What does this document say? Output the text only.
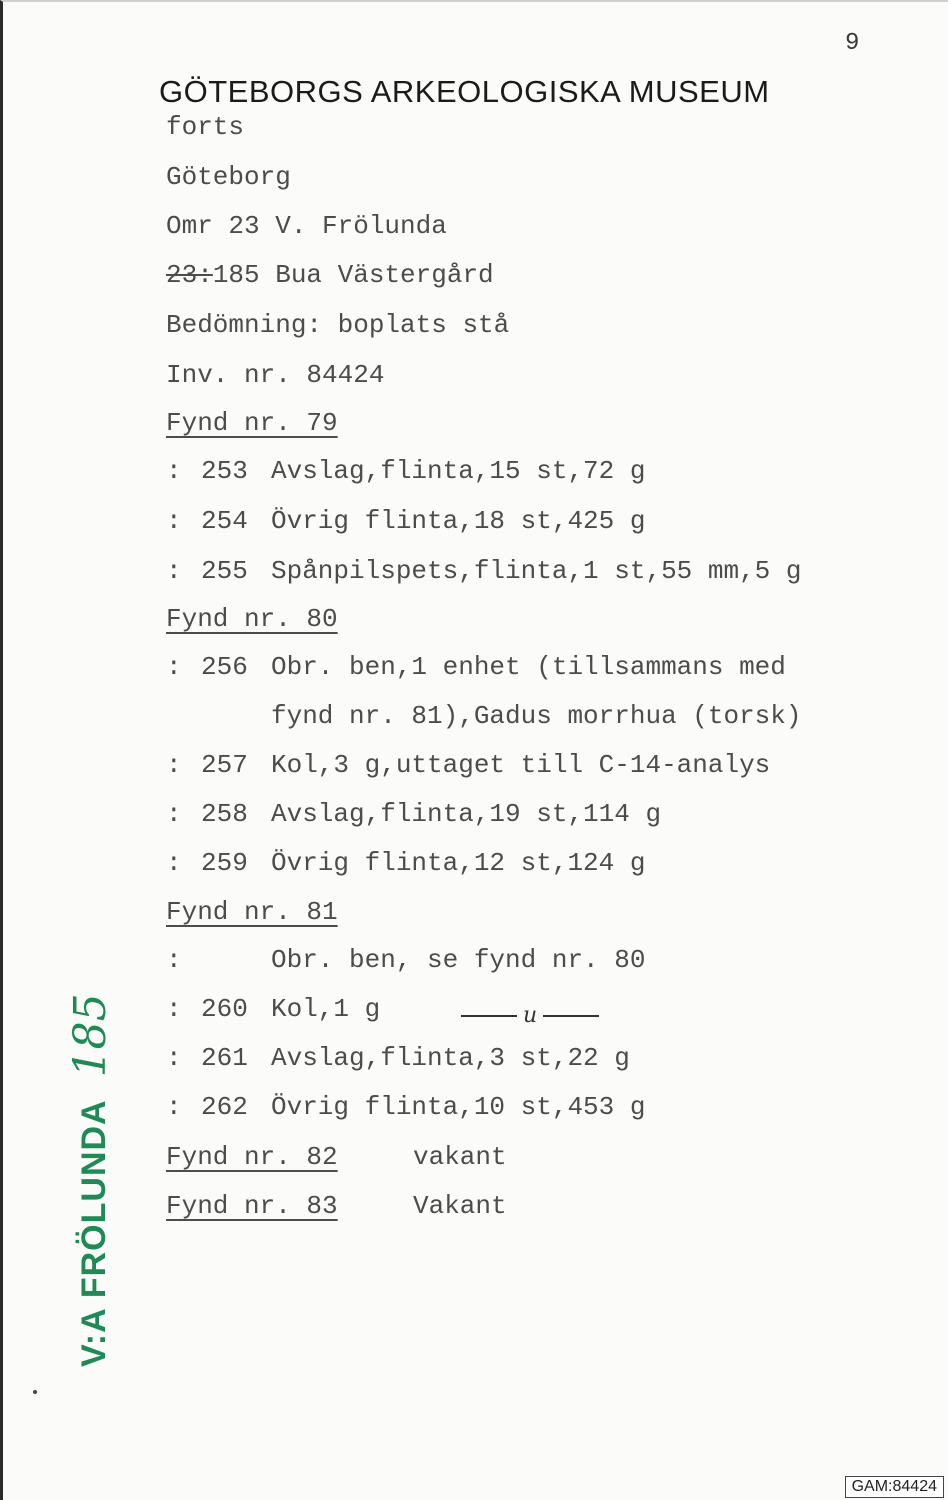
9
GÖTEBORGS ARKEOLOGISKA MUSEUM
forts
Göteborg
Omr 23 V. Frölunda
23:185 Bua Västergård
Bedömning: boplats stå
Inv. nr. 84424
Fynd nr. 79
: 253 Avslag,flinta,15 st,72 g
: 254 Övrig flinta,18 st,425 g
: 255 Spånpilspets,flinta,1 st,55 mm,5 g
Fynd nr. 80
: 256 Obr. ben,1 enhet (tillsammans med
fynd nr. 81),Gadus morrhua (torsk)
: 257 Kol,3 g,uttaget till C-14-analys
: 258 Avslag,flinta,19 st,114 g
: 259 Övrig flinta,12 st,124 g
Fynd nr. 81
:	Obr. ben, se fynd nr. 80
: 260 Kol,1 g	u
: 261 Avslag,flinta,3 st,22 g
: 262 Övrig flinta,10 st,453 g
Fynd nr. 82	vakant
Fynd nr. 83	Vakant
V:A FRÖLUNDA185
GAM:84424
